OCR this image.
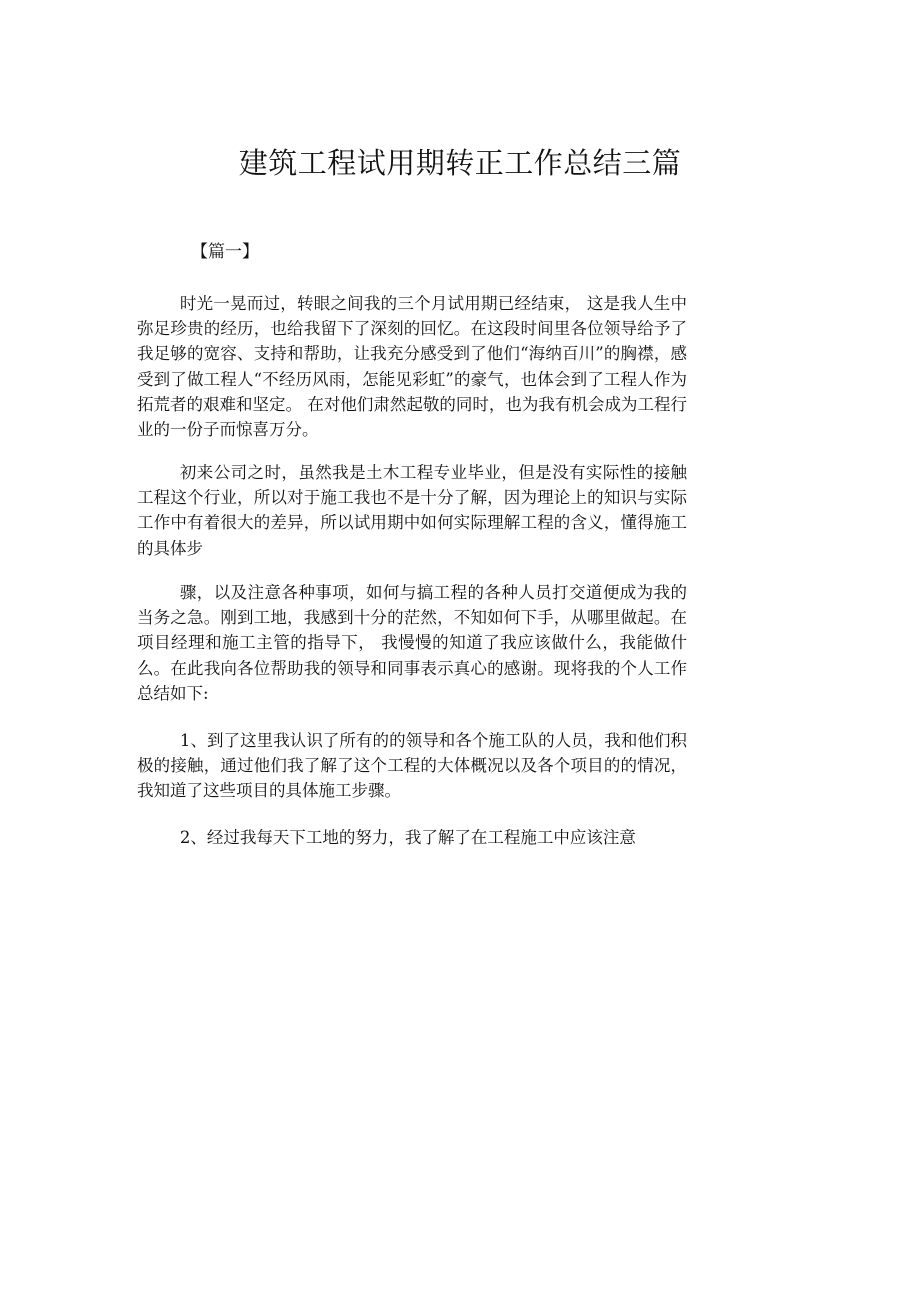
建筑工程试用期转正工作总结三篇
【篇一】

时光一晃而过，转眼之间我的三个月试用期已经结束， 这是我人生中弥足珍贵的经历，也给我留下了深刻的回忆。在这段时间里各位领导给予了我足够的宽容、支持和帮助，让我充分感受到了他们“海纳百川”的胸襟，感受到了做工程人“不经历风雨，怎能见彩虹”的豪气，也体会到了工程人作为拓荒者的艰难和坚定。 在对他们肃然起敬的同时，也为我有机会成为工程行业的一份子而惊喜万分。

初来公司之时，虽然我是土木工程专业毕业，但是没有实际性的接触工程这个行业，所以对于施工我也不是十分了解，因为理论上的知识与实际工作中有着很大的差异，所以试用期中如何实际理解工程的含义，懂得施工的具体步

骤，以及注意各种事项，如何与搞工程的各种人员打交道便成为我的当务之急。刚到工地，我感到十分的茫然，不知如何下手，从哪里做起。在项目经理和施工主管的指导下， 我慢慢的知道了我应该做什么，我能做什么。在此我向各位帮助我的领导和同事表示真心的感谢。现将我的个人工作总结如下:

1、到了这里我认识了所有的的领导和各个施工队的人员，我和他们积极的接触，通过他们我了解了这个工程的大体概况以及各个项目的的情况，我知道了这些项目的具体施工步骤。

2、经过我每天下工地的努力，我了解了在工程施工中应该注意
